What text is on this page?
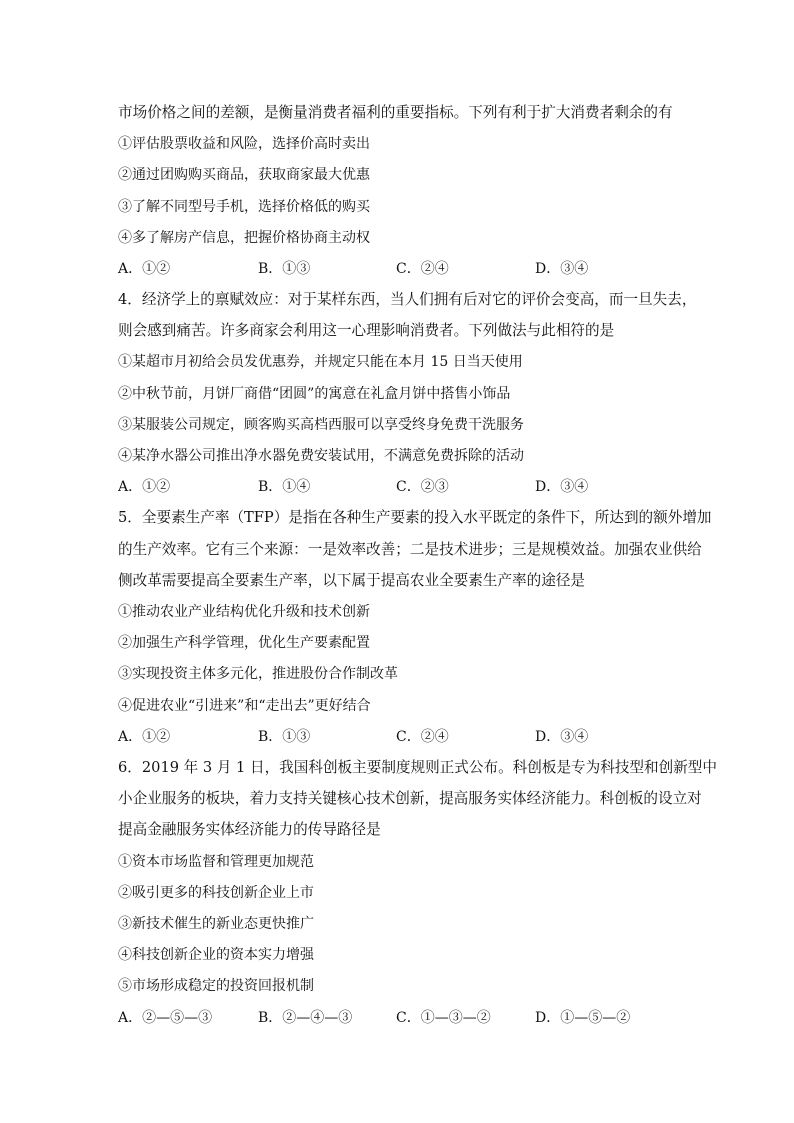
市场价格之间的差额，是衡量消费者福利的重要指标。下列有利于扩大消费者剩余的有
①评估股票收益和风险，选择价高时卖出
②通过团购购买商品，获取商家最大优惠
③了解不同型号手机，选择价格低的购买
④多了解房产信息，把握价格协商主动权
A．①②	B．①③	C．②④	D．③④
4．经济学上的禀赋效应：对于某样东西，当人们拥有后对它的评价会变高，而一旦失去，
则会感到痛苦。许多商家会利用这一心理影响消费者。下列做法与此相符的是
①某超市月初给会员发优惠券，并规定只能在本月 15 日当天使用
②中秋节前，月饼厂商借“团圆”的寓意在礼盒月饼中搭售小饰品
③某服装公司规定，顾客购买高档西服可以享受终身免费干洗服务
④某净水器公司推出净水器免费安装试用，不满意免费拆除的活动
A．①②	B．①④	C．②③	D．③④
5．全要素生产率（TFP）是指在各种生产要素的投入水平既定的条件下，所达到的额外增加
的生产效率。它有三个来源：一是效率改善；二是技术进步；三是规模效益。加强农业供给
侧改革需要提高全要素生产率，以下属于提高农业全要素生产率的途径是
①推动农业产业结构优化升级和技术创新
②加强生产科学管理，优化生产要素配置
③实现投资主体多元化，推进股份合作制改革
④促进农业“引进来”和“走出去”更好结合
A．①②	B．①③	C．②④	D．③④
6．2019 年 3 月 1 日，我国科创板主要制度规则正式公布。科创板是专为科技型和创新型中
小企业服务的板块，着力支持关键核心技术创新，提高服务实体经济能力。科创板的设立对
提高金融服务实体经济能力的传导路径是
①资本市场监督和管理更加规范
②吸引更多的科技创新企业上市
③新技术催生的新业态更快推广
④科技创新企业的资本实力增强
⑤市场形成稳定的投资回报机制
A．②—⑤—③	B．②—④—③	C．①—③—②	D．①—⑤—②
